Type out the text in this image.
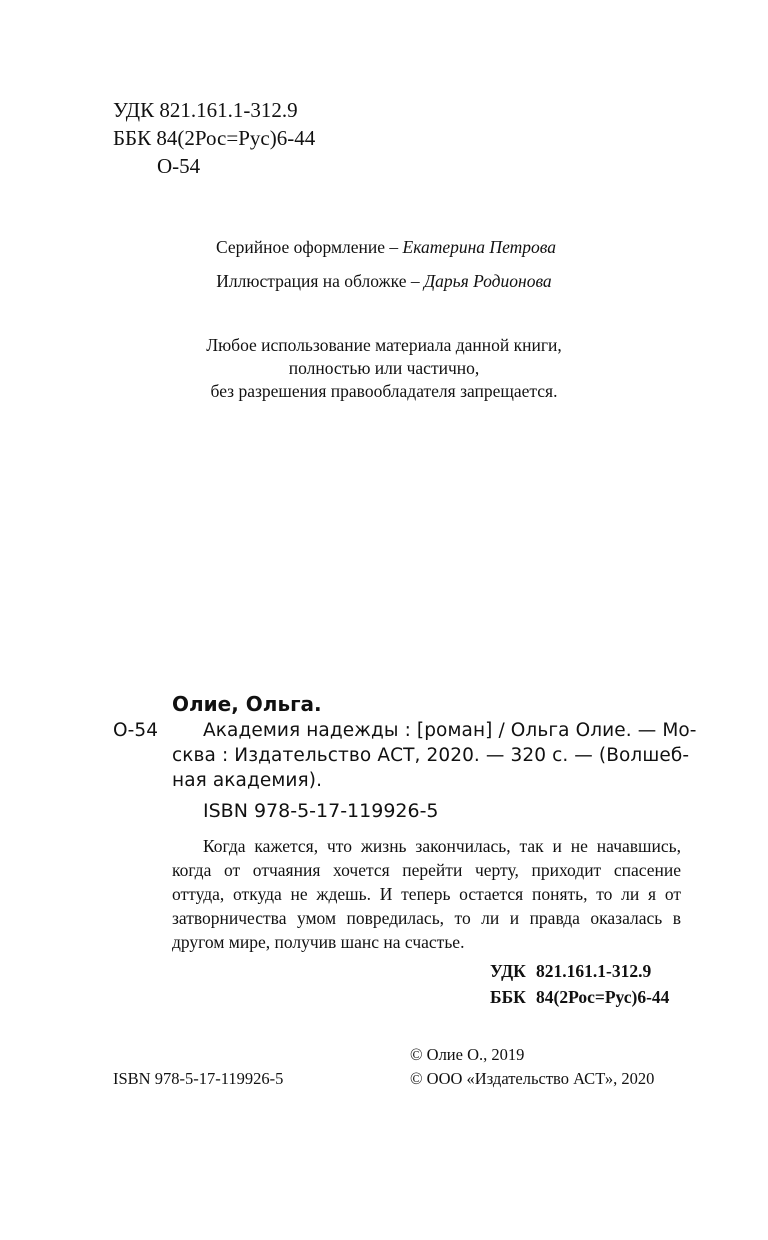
УДК 821.161.1-312.9
ББК 84(2Рос=Рус)6-44
О-54
Серийное оформление – Екатерина Петрова
Иллюстрация на обложке – Дарья Родионова
Любое использование материала данной книги,
полностью или частично,
без разрешения правообладателя запрещается.
Олие, Ольга.
О-54 Академия надежды : [роман] / Ольга Олие. — Мо-
сква : Издательство АСТ, 2020. — 320 с. — (Волшеб-
ная академия).
ISBN 978-5-17-119926-5
Когда кажется, что жизнь закончилась, так и не начавшись,
когда от отчаяния хочется перейти черту, приходит спасение
оттуда, откуда не ждешь. И теперь остается понять, то ли я от
затворничества умом повредилась, то ли и правда оказалась в
другом мире, получив шанс на счастье.
УДК 821.161.1-312.9
ББК 84(2Рос=Рус)6-44
© Олие О., 2019
© ООО «Издательство АСТ», 2020
ISBN 978-5-17-119926-5
